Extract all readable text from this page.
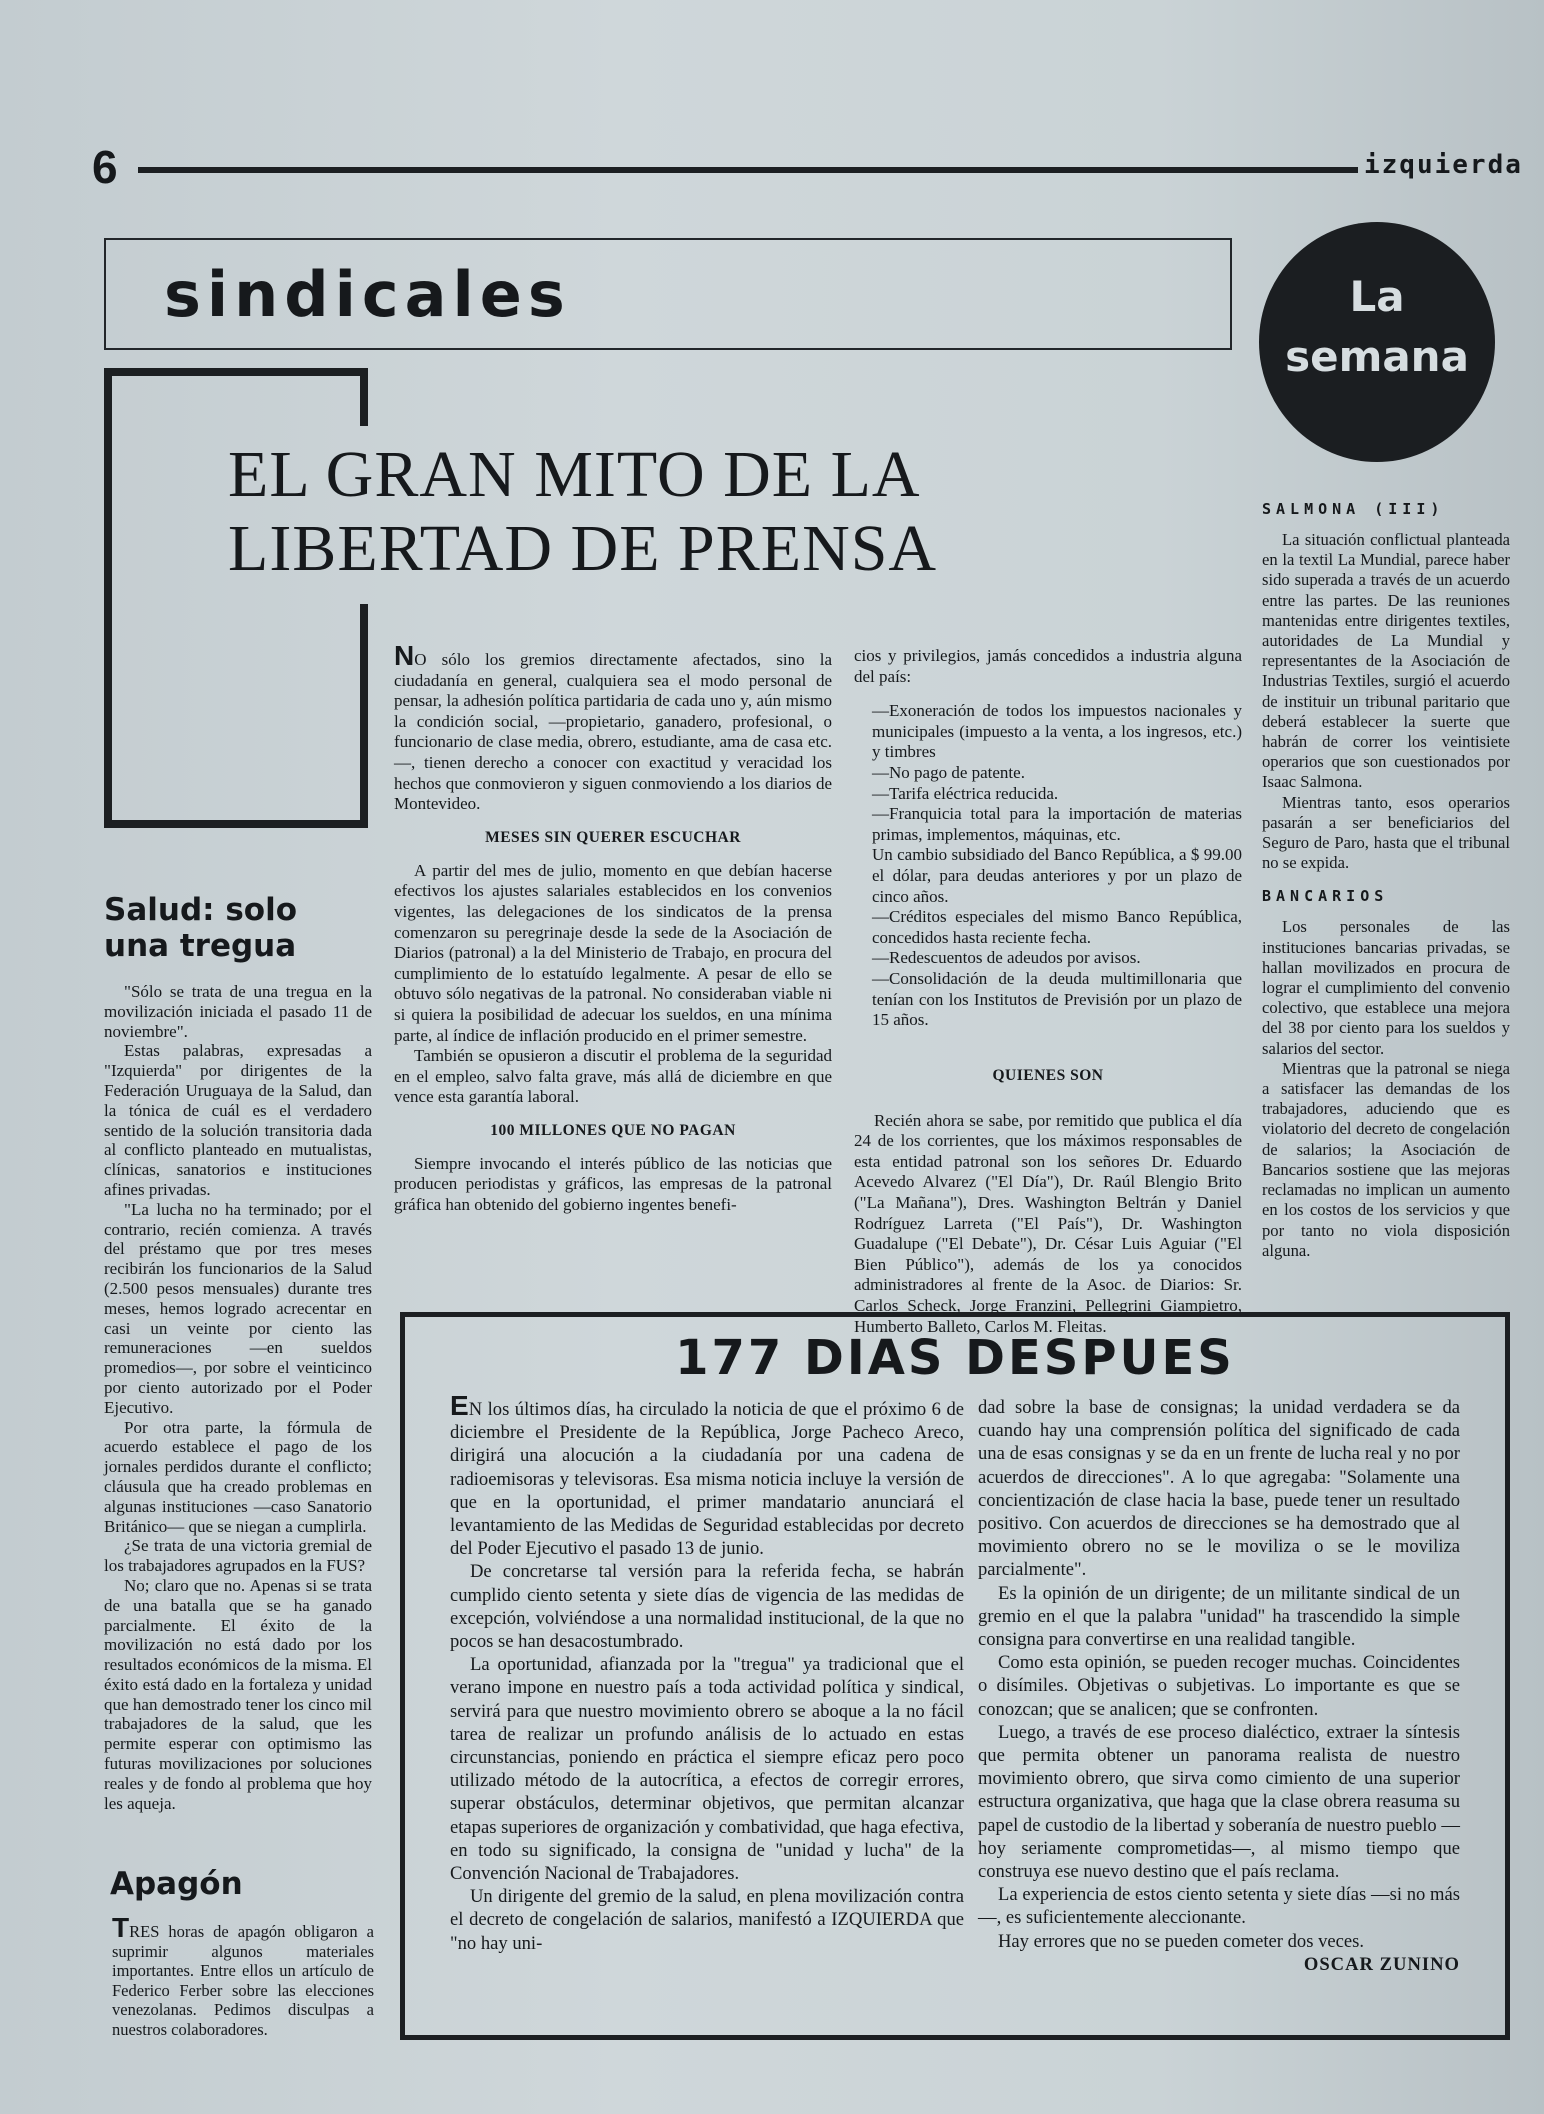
6	izquierda
sindicales	La
semana
EL GRAN MITO DE LA
LIBERTAD DE PRENSA

NO sólo los gremios directamente afectados, sino la ciudadanía en general, cualquiera sea el modo personal de pensar, la adhesión política partidaria de cada uno y, aún mismo la condición social, —propietario, ganadero, profesional, o funcionario de clase media, obrero, estudiante, ama de casa etc. —, tienen derecho a conocer con exactitud y veracidad los hechos que conmovieron y siguen conmoviendo a los diarios de Montevideo.

MESES SIN QUERER ESCUCHAR

A partir del mes de julio, momento en que debían hacerse efectivos los ajustes salariales establecidos en los convenios vigentes, las delegaciones de los sindicatos de la prensa comenzaron su peregrinaje desde la sede de la Asociación de Diarios (patronal) a la del Ministerio de Trabajo, en procura del cumplimiento de lo estatuído legalmente. A pesar de ello se obtuvo sólo negativas de la patronal. No consideraban viable ni si quiera la posibilidad de adecuar los sueldos, en una mínima parte, al índice de inflación producido en el primer semestre.

También se opusieron a discutir el problema de la seguridad en el empleo, salvo falta grave, más allá de diciembre en que vence esta garantía laboral.

100 MILLONES QUE NO PAGAN

Siempre invocando el interés público de las noticias que producen periodistas y gráficos, las empresas de la patronal gráfica han obtenido del gobierno ingentes benefi-

cios y privilegios, jamás concedidos a industria alguna del país:

—Exoneración de todos los impuestos nacionales y municipales (impuesto a la venta, a los ingresos, etc.) y timbres

—No pago de patente.

—Tarifa eléctrica reducida.

—Franquicia total para la importación de materias primas, implementos, máquinas, etc.

Un cambio subsidiado del Banco República, a $ 99.00 el dólar, para deudas anteriores y por un plazo de cinco años.

—Créditos especiales del mismo Banco República, concedidos hasta reciente fecha.

—Redescuentos de adeudos por avisos.

—Consolidación de la deuda multimillonaria que tenían con los Institutos de Previsión por un plazo de 15 años.

QUIENES SON

Recién ahora se sabe, por remitido que publica el día 24 de los corrientes, que los máximos responsables de esta entidad patronal son los señores Dr. Eduardo Acevedo Alvarez ("El Día"), Dr. Raúl Blengio Brito ("La Mañana"), Dres. Washington Beltrán y Daniel Rodríguez Larreta ("El País"), Dr. Washington Guadalupe ("El Debate"), Dr. César Luis Aguiar ("El Bien Público"), además de los ya conocidos administradores al frente de la Asoc. de Diarios: Sr. Carlos Scheck, Jorge Franzini, Pellegrini Giampietro, Humberto Balleto, Carlos M. Fleitas.

SALMONA (III)

La situación conflictual planteada en la textil La Mundial, parece haber sido superada a través de un acuerdo entre las partes. De las reuniones mantenidas entre dirigentes textiles, autoridades de La Mundial y representantes de la Asociación de Industrias Textiles, surgió el acuerdo de instituir un tribunal paritario que deberá establecer la suerte que habrán de correr los veintisiete operarios que son cuestionados por Isaac Salmona.

Mientras tanto, esos operarios pasarán a ser beneficiarios del Seguro de Paro, hasta que el tribunal no se expida.

BANCARIOS

Los personales de las instituciones bancarias privadas, se hallan movilizados en procura de lograr el cumplimiento del convenio colectivo, que establece una mejora del 38 por ciento para los sueldos y salarios del sector.

Mientras que la patronal se niega a satisfacer las demandas de los trabajadores, aduciendo que es violatorio del decreto de congelación de salarios; la Asociación de Bancarios sostiene que las mejoras reclamadas no implican un aumento en los costos de los servicios y que por tanto no viola disposición alguna.

Salud: solo
una tregua

"Sólo se trata de una tregua en la movilización iniciada el pasado 11 de noviembre".

Estas palabras, expresadas a "Izquierda" por dirigentes de la Federación Uruguaya de la Salud, dan la tónica de cuál es el verdadero sentido de la solución transitoria dada al conflicto planteado en mutualistas, clínicas, sanatorios e instituciones afines privadas.

"La lucha no ha terminado; por el contrario, recién comienza. A través del préstamo que por tres meses recibirán los funcionarios de la Salud (2.500 pesos mensuales) durante tres meses, hemos logrado acrecentar en casi un veinte por ciento las remuneraciones —en sueldos promedios—, por sobre el veinticinco por ciento autorizado por el Poder Ejecutivo.

Por otra parte, la fórmula de acuerdo establece el pago de los jornales perdidos durante el conflicto; cláusula que ha creado problemas en algunas instituciones —caso Sanatorio Británico— que se niegan a cumplirla.

¿Se trata de una victoria gremial de los trabajadores agrupados en la FUS?

No; claro que no. Apenas si se trata de una batalla que se ha ganado parcialmente. El éxito de la movilización no está dado por los resultados económicos de la misma. El éxito está dado en la fortaleza y unidad que han demostrado tener los cinco mil trabajadores de la salud, que les permite esperar con optimismo las futuras movilizaciones por soluciones reales y de fondo al problema que hoy les aqueja.

Apagón

TRES horas de apagón obligaron a suprimir algunos materiales importantes. Entre ellos un artículo de Federico Ferber sobre las elecciones venezolanas. Pedimos disculpas a nuestros colaboradores.

177 DIAS DESPUES

EN los últimos días, ha circulado la noticia de que el próximo 6 de diciembre el Presidente de la República, Jorge Pacheco Areco, dirigirá una alocución a la ciudadanía por una cadena de radioemisoras y televisoras. Esa misma noticia incluye la versión de que en la oportunidad, el primer mandatario anunciará el levantamiento de las Medidas de Seguridad establecidas por decreto del Poder Ejecutivo el pasado 13 de junio.

De concretarse tal versión para la referida fecha, se habrán cumplido ciento setenta y siete días de vigencia de las medidas de excepción, volviéndose a una normalidad institucional, de la que no pocos se han desacostumbrado.

La oportunidad, afianzada por la "tregua" ya tradicional que el verano impone en nuestro país a toda actividad política y sindical, servirá para que nuestro movimiento obrero se aboque a la no fácil tarea de realizar un profundo análisis de lo actuado en estas circunstancias, poniendo en práctica el siempre eficaz pero poco utilizado método de la autocrítica, a efectos de corregir errores, superar obstáculos, determinar objetivos, que permitan alcanzar etapas superiores de organización y combatividad, que haga efectiva, en todo su significado, la consigna de "unidad y lucha" de la Convención Nacional de Trabajadores.

Un dirigente del gremio de la salud, en plena movilización contra el decreto de congelación de salarios, manifestó a IZQUIERDA que "no hay uni-

dad sobre la base de consignas; la unidad verdadera se da cuando hay una comprensión política del significado de cada una de esas consignas y se da en un frente de lucha real y no por acuerdos de direcciones". A lo que agregaba: "Solamente una concientización de clase hacia la base, puede tener un resultado positivo. Con acuerdos de direcciones se ha demostrado que al movimiento obrero no se le moviliza o se le moviliza parcialmente".

Es la opinión de un dirigente; de un militante sindical de un gremio en el que la palabra "unidad" ha trascendido la simple consigna para convertirse en una realidad tangible.

Como esta opinión, se pueden recoger muchas. Coincidentes o disímiles. Objetivas o subjetivas. Lo importante es que se conozcan; que se analicen; que se confronten.

Luego, a través de ese proceso dialéctico, extraer la síntesis que permita obtener un panorama realista de nuestro movimiento obrero, que sirva como cimiento de una superior estructura organizativa, que haga que la clase obrera reasuma su papel de custodio de la libertad y soberanía de nuestro pueblo —hoy seriamente comprometidas—, al mismo tiempo que construya ese nuevo destino que el país reclama.

La experiencia de estos ciento setenta y siete días —si no más—, es suficientemente aleccionante.

Hay errores que no se pueden cometer dos veces.

OSCAR ZUNINO
